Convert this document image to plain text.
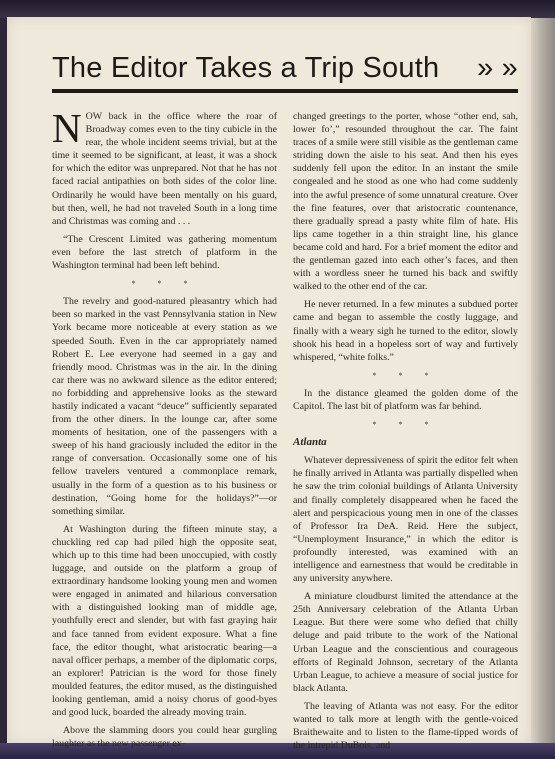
The Editor Takes a Trip South » »

NOW back in the office where the roar of Broadway comes even to the tiny cubicle in the rear, the whole incident seems trivial, but at the time it seemed to be significant, at least, it was a shock for which the editor was unprepared. Not that he has not faced racial antipathies on both sides of the color line. Ordinarily he would have been mentally on his guard, but then, well, he had not traveled South in a long time and Christmas was coming and . . .

“The Crescent Limited was gathering momentum even before the last stretch of platform in the Washington terminal had been left behind.

* * *

The revelry and good-natured pleasantry which had been so marked in the vast Pennsylvania station in New York became more noticeable at every station as we speeded South. Even in the car appropriately named Robert E. Lee everyone had seemed in a gay and friendly mood. Christmas was in the air. In the dining car there was no awkward silence as the editor entered; no forbidding and apprehensive looks as the steward hastily indicated a vacant “deuce” sufficiently separated from the other diners. In the lounge car, after some moments of hesitation, one of the passengers with a sweep of his hand graciously included the editor in the range of conversation. Occasionally some one of his fellow travelers ventured a commonplace remark, usually in the form of a question as to his business or destination, “Going home for the holidays?”—or something similar.

At Washington during the fifteen minute stay, a chuckling red cap had piled high the opposite seat, which up to this time had been unoccupied, with costly luggage, and outside on the platform a group of extraordinary handsome looking young men and women were engaged in animated and hilarious conversation with a distinguished looking man of middle age, youthfully erect and slender, but with fast graying hair and face tanned from evident exposure. What a fine face, the editor thought, what aristocratic bearing—a naval officer perhaps, a member of the diplomatic corps, an explorer! Patrician is the word for those finely moulded features, the editor mused, as the distinguished looking gentleman, amid a noisy chorus of good-byes and good luck, boarded the already moving train.

Above the slamming doors you could hear gurgling laughter as the new passenger ex-

changed greetings to the porter, whose “other end, sah, lower fo’,” resounded throughout the car. The faint traces of a smile were still visible as the gentleman came striding down the aisle to his seat. And then his eyes suddenly fell upon the editor. In an instant the smile congealed and he stood as one who had come suddenly into the awful presence of some unnatural creature. Over the fine features, over that aristocratic countenance, there gradually spread a pasty white film of hate. His lips came together in a thin straight line, his glance became cold and hard. For a brief moment the editor and the gentleman gazed into each other’s faces, and then with a wordless sneer he turned his back and swiftly walked to the other end of the car.

He never returned. In a few minutes a subdued porter came and began to assemble the costly luggage, and finally with a weary sigh he turned to the editor, slowly shook his head in a hopeless sort of way and furtively whispered, “white folks.”

* * *

In the distance gleamed the golden dome of the Capitol. The last bit of platform was far behind.

* * *

Atlanta

Whatever depressiveness of spirit the editor felt when he finally arrived in Atlanta was partially dispelled when he saw the trim colonial buildings of Atlanta University and finally completely disappeared when he faced the alert and perspicacious young men in one of the classes of Professor Ira DeA. Reid. Here the subject, “Unemployment Insurance,” in which the editor is profoundly interested, was examined with an intelligence and earnestness that would be creditable in any university anywhere.

A miniature cloudburst limited the attendance at the 25th Anniversary celebration of the Atlanta Urban League. But there were some who defied that chilly deluge and paid tribute to the work of the National Urban League and the conscientious and courageous efforts of Reginald Johnson, secretary of the Atlanta Urban League, to achieve a measure of social justice for black Atlanta.

The leaving of Atlanta was not easy. For the editor wanted to talk more at length with the gentle-voiced Braithewaite and to listen to the flame-tipped words of the intrepid DuBois, and
